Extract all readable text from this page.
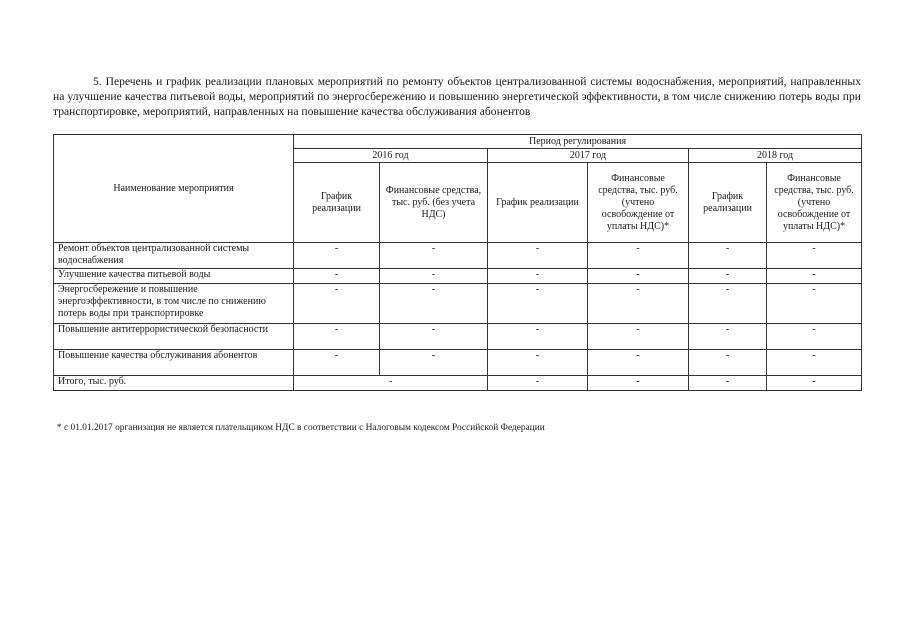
5. Перечень и график реализации плановых мероприятий по ремонту объектов централизованной системы водоснабжения, мероприятий, направленных на улучшение качества питьевой воды, мероприятий по энергосбережению и повышению энергетической эффективности, в том числе снижению потерь воды при транспортировке, мероприятий, направленных на повышение качества обслуживания абонентов
Наименование мероприятия	Период регулирования					
	2016 год		2017 год		2018 год	
	График реализации	Финансовые средства, тыс. руб. (без учета НДС)	График реализации	Финансовые средства, тыс. руб. (учтено освобождение от уплаты НДС)*	График реализации	Финансовые средства, тыс. руб. (учтено освобождение от уплаты НДС)*
Ремонт объектов централизованной системы водоснабжения	-	-	-	-	-	-
Улучшение качества питьевой воды	-	-	-	-	-	-
Энергосбережение и повышение энергоэффективности, в том числе по снижению потерь воды при транспортировке	-	-	-	-	-	-
Повышение антитеррористической безопасности	-	-	-	-	-	-
Повышение качества обслуживания абонентов	-	-	-	-	-	-
Итого, тыс. руб.	-		-	-	-	-
* с 01.01.2017 организация не является плательщиком НДС в соответствии с Налоговым кодексом Российской Федерации
